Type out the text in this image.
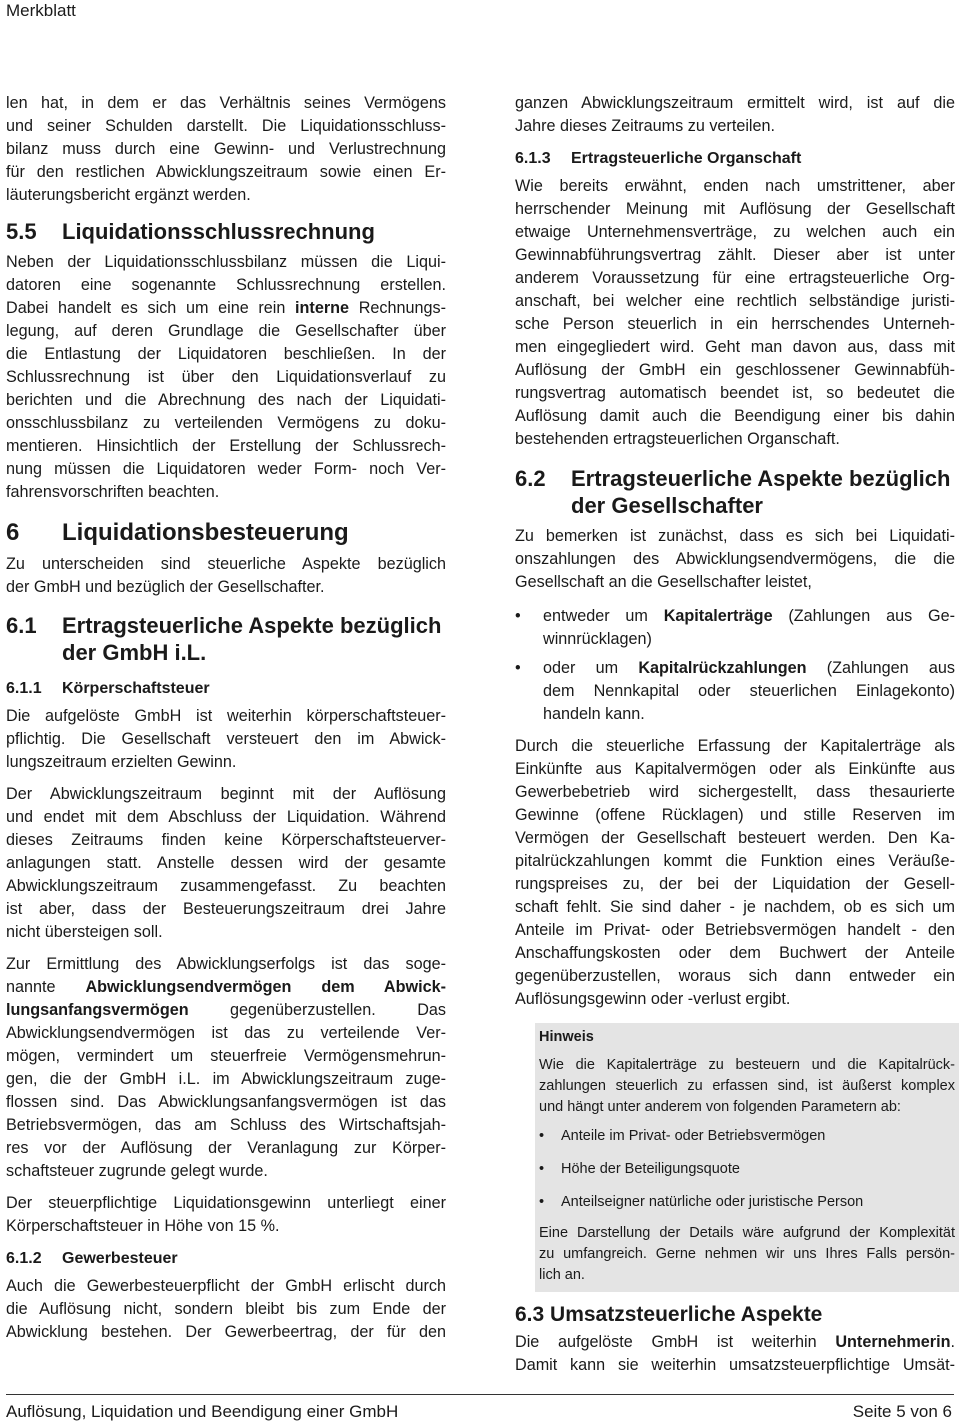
Merkblatt

len hat, in dem er das Verhältnis seines Vermögens
und seiner Schulden darstellt. Die Liquidationsschluss-
bilanz muss durch eine Gewinn- und Verlustrechnung
für den restlichen Abwicklungszeitraum sowie einen Er-
läuterungsbericht ergänzt werden.

5.5	Liquidationsschlussrechnung

Neben der Liquidationsschlussbilanz müssen die Liqui-
datoren eine sogenannte Schlussrechnung erstellen.
Dabei handelt es sich um eine rein interne Rechnungs-
legung, auf deren Grundlage die Gesellschafter über
die Entlastung der Liquidatoren beschließen. In der
Schlussrechnung ist über den Liquidationsverlauf zu
berichten und die Abrechnung des nach der Liquidati-
onsschlussbilanz zu verteilenden Vermögens zu doku-
mentieren. Hinsichtlich der Erstellung der Schlussrech-
nung müssen die Liquidatoren weder Form- noch Ver-
fahrensvorschriften beachten.

6	Liquidationsbesteuerung

Zu unterscheiden sind steuerliche Aspekte bezüglich
der GmbH und bezüglich der Gesellschafter.

6.1	Ertragsteuerliche Aspekte bezüglich
der GmbH i.L.
6.1.1	Körperschaftsteuer

Die aufgelöste GmbH ist weiterhin körperschaftsteuer-
pflichtig. Die Gesellschaft versteuert den im Abwick-
lungszeitraum erzielten Gewinn.

Der Abwicklungszeitraum beginnt mit der Auflösung
und endet mit dem Abschluss der Liquidation. Während
dieses Zeitraums finden keine Körperschaftsteuerver-
anlagungen statt. Anstelle dessen wird der gesamte
Abwicklungszeitraum zusammengefasst. Zu beachten
ist aber, dass der Besteuerungszeitraum drei Jahre
nicht übersteigen soll.

Zur Ermittlung des Abwicklungserfolgs ist das soge-
nannte Abwicklungsendvermögen dem Abwick-
lungsanfangsvermögen gegenüberzustellen. Das
Abwicklungsendvermögen ist das zu verteilende Ver-
mögen, vermindert um steuerfreie Vermögensmehrun-
gen, die der GmbH i.L. im Abwicklungszeitraum zuge-
flossen sind. Das Abwicklungsanfangsvermögen ist das
Betriebsvermögen, das am Schluss des Wirtschaftsjah-
res vor der Auflösung der Veranlagung zur Körper-
schaftsteuer zugrunde gelegt wurde.

Der steuerpflichtige Liquidationsgewinn unterliegt einer
Körperschaftsteuer in Höhe von 15 %.

6.1.2	Gewerbesteuer

Auch die Gewerbesteuerpflicht der GmbH erlischt durch
die Auflösung nicht, sondern bleibt bis zum Ende der
Abwicklung bestehen. Der Gewerbeertrag, der für den

ganzen Abwicklungszeitraum ermittelt wird, ist auf die
Jahre dieses Zeitraums zu verteilen.

6.1.3	Ertragsteuerliche Organschaft

Wie bereits erwähnt, enden nach umstrittener, aber
herrschender Meinung mit Auflösung der Gesellschaft
etwaige Unternehmensverträge, zu welchen auch ein
Gewinnabführungsvertrag zählt. Dieser aber ist unter
anderem Voraussetzung für eine ertragsteuerliche Org-
anschaft, bei welcher eine rechtlich selbständige juristi-
sche Person steuerlich in ein herrschendes Unterneh-
men eingegliedert wird. Geht man davon aus, dass mit
Auflösung der GmbH ein geschlossener Gewinnabfüh-
rungsvertrag automatisch beendet ist, so bedeutet die
Auflösung damit auch die Beendigung einer bis dahin
bestehenden ertragsteuerlichen Organschaft.

6.2	Ertragsteuerliche Aspekte bezüglich
der Gesellschafter

Zu bemerken ist zunächst, dass es sich bei Liquidati-
onszahlungen des Abwicklungsendvermögens, die die
Gesellschaft an die Gesellschafter leistet,

•	entweder um Kapitalerträge (Zahlungen aus Ge-
winnrücklagen)
•	oder um Kapitalrückzahlungen (Zahlungen aus
dem Nennkapital oder steuerlichen Einlagekonto)
handeln kann.

Durch die steuerliche Erfassung der Kapitalerträge als
Einkünfte aus Kapitalvermögen oder als Einkünfte aus
Gewerbebetrieb wird sichergestellt, dass thesaurierte
Gewinne (offene Rücklagen) und stille Reserven im
Vermögen der Gesellschaft besteuert werden. Den Ka-
pitalrückzahlungen kommt die Funktion eines Veräuße-
rungspreises zu, der bei der Liquidation der Gesell-
schaft fehlt. Sie sind daher - je nachdem, ob es sich um
Anteile im Privat- oder Betriebsvermögen handelt - den
Anschaffungskosten oder dem Buchwert der Anteile
gegenüberzustellen, woraus sich dann entweder ein
Auflösungsgewinn oder -verlust ergibt.

Hinweis

Wie die Kapitalerträge zu besteuern und die Kapitalrück-
zahlungen steuerlich zu erfassen sind, ist äußerst komplex
und hängt unter anderem von folgenden Parametern ab:

•	Anteile im Privat- oder Betriebsvermögen
•	Höhe der Beteiligungsquote
•	Anteilseigner natürliche oder juristische Person

Eine Darstellung der Details wäre aufgrund der Komplexität
zu umfangreich. Gerne nehmen wir uns Ihres Falls persön-
lich an.

6.3 Umsatzsteuerliche Aspekte

Die aufgelöste GmbH ist weiterhin Unternehmerin.
Damit kann sie weiterhin umsatzsteuerpflichtige Umsät-

Auflösung, Liquidation und Beendigung einer GmbH	Seite 5 von 6
